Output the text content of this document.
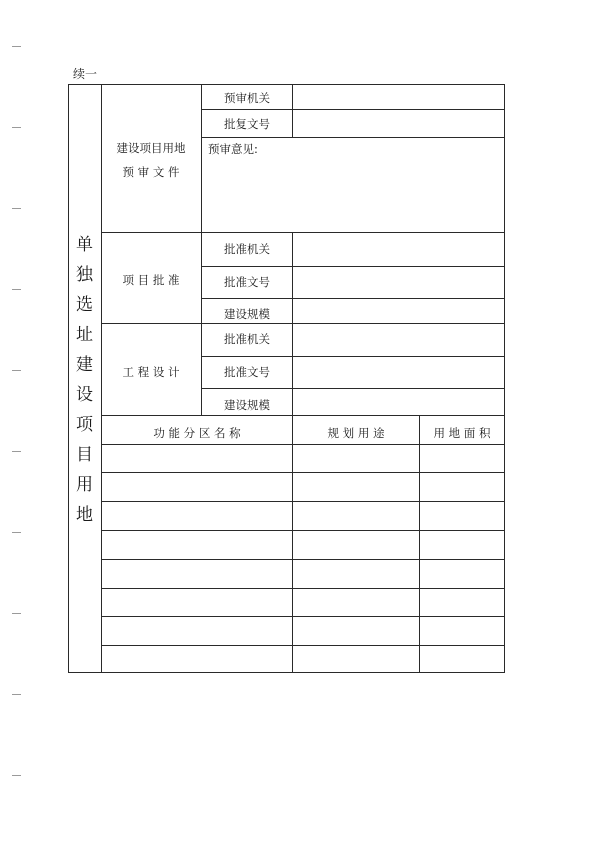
续一
单
独
选
址
建
设
项
目
用
地
建设项目用地
预 审 文 件
预审机关
批复文号
预审意见:
项 目 批 准
批准机关
批准文号
建设规模
工 程 设 计
批准机关
批准文号
建设规模
功 能 分 区 名 称	规 划 用 途	用 地 面 积
